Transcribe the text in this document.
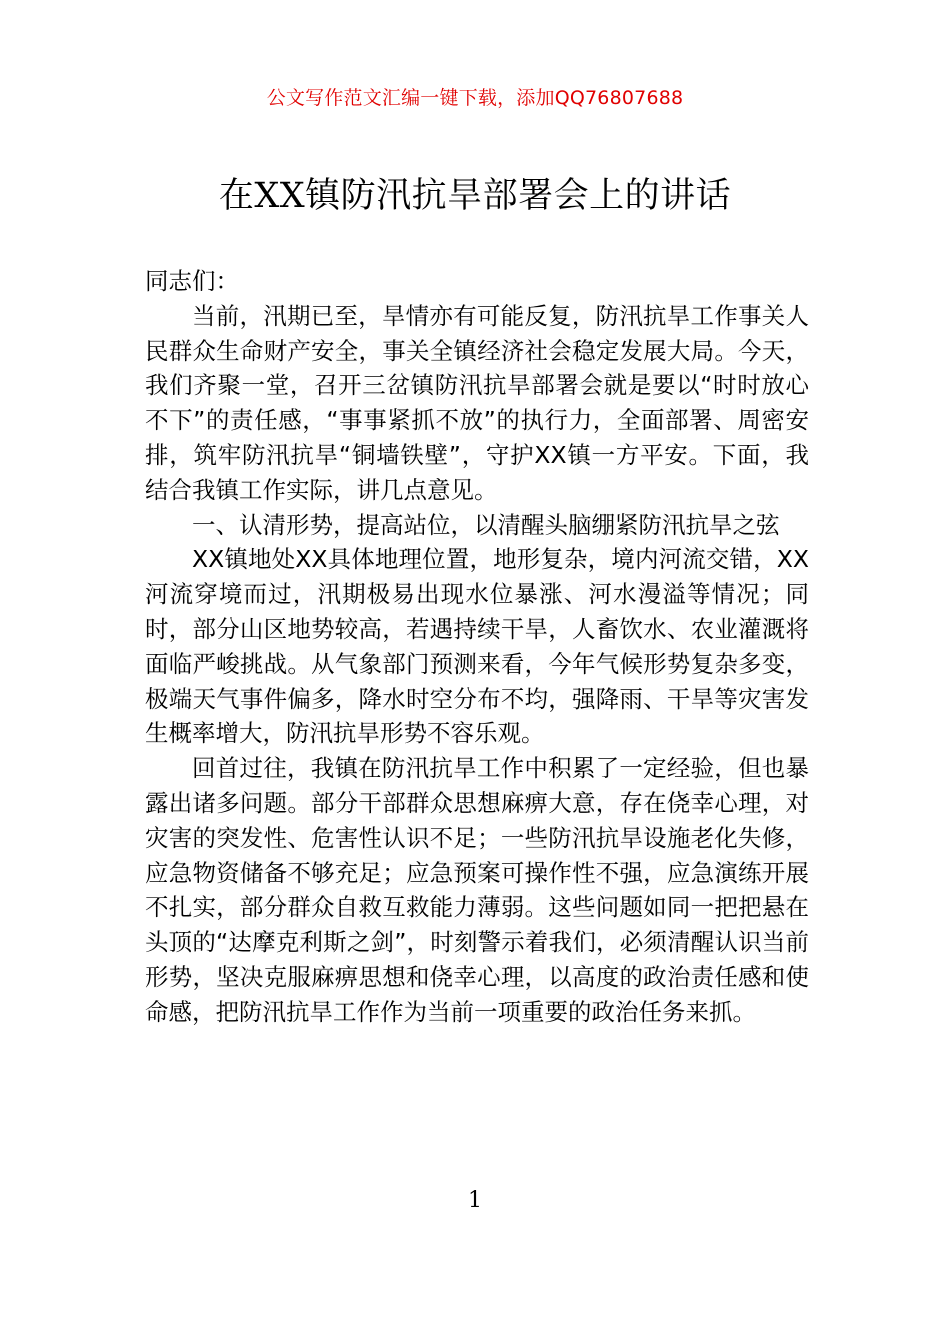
公文写作范文汇编一键下载，添加QQ76807688
在XX镇防汛抗旱部署会上的讲话

同志们：

当前，汛期已至，旱情亦有可能反复，防汛抗旱工作事关人民群众生命财产安全，事关全镇经济社会稳定发展大局。今天，我们齐聚一堂，召开三岔镇防汛抗旱部署会就是要以“时时放心不下”的责任感，“事事紧抓不放”的执行力，全面部署、周密安排，筑牢防汛抗旱“铜墙铁壁”，守护XX镇一方平安。下面，我结合我镇工作实际，讲几点意见。

一、认清形势，提高站位，以清醒头脑绷紧防汛抗旱之弦

XX镇地处XX具体地理位置，地形复杂，境内河流交错，XX河流穿境而过，汛期极易出现水位暴涨、河水漫溢等情况；同时，部分山区地势较高，若遇持续干旱，人畜饮水、农业灌溉将面临严峻挑战。从气象部门预测来看，今年气候形势复杂多变，极端天气事件偏多，降水时空分布不均，强降雨、干旱等灾害发生概率增大，防汛抗旱形势不容乐观。

回首过往，我镇在防汛抗旱工作中积累了一定经验，但也暴露出诸多问题。部分干部群众思想麻痹大意，存在侥幸心理，对灾害的突发性、危害性认识不足；一些防汛抗旱设施老化失修，应急物资储备不够充足；应急预案可操作性不强，应急演练开展不扎实，部分群众自救互救能力薄弱。这些问题如同一把把悬在头顶的“达摩克利斯之剑”，时刻警示着我们，必须清醒认识当前形势，坚决克服麻痹思想和侥幸心理，以高度的政治责任感和使命感，把防汛抗旱工作作为当前一项重要的政治任务来抓。

1
